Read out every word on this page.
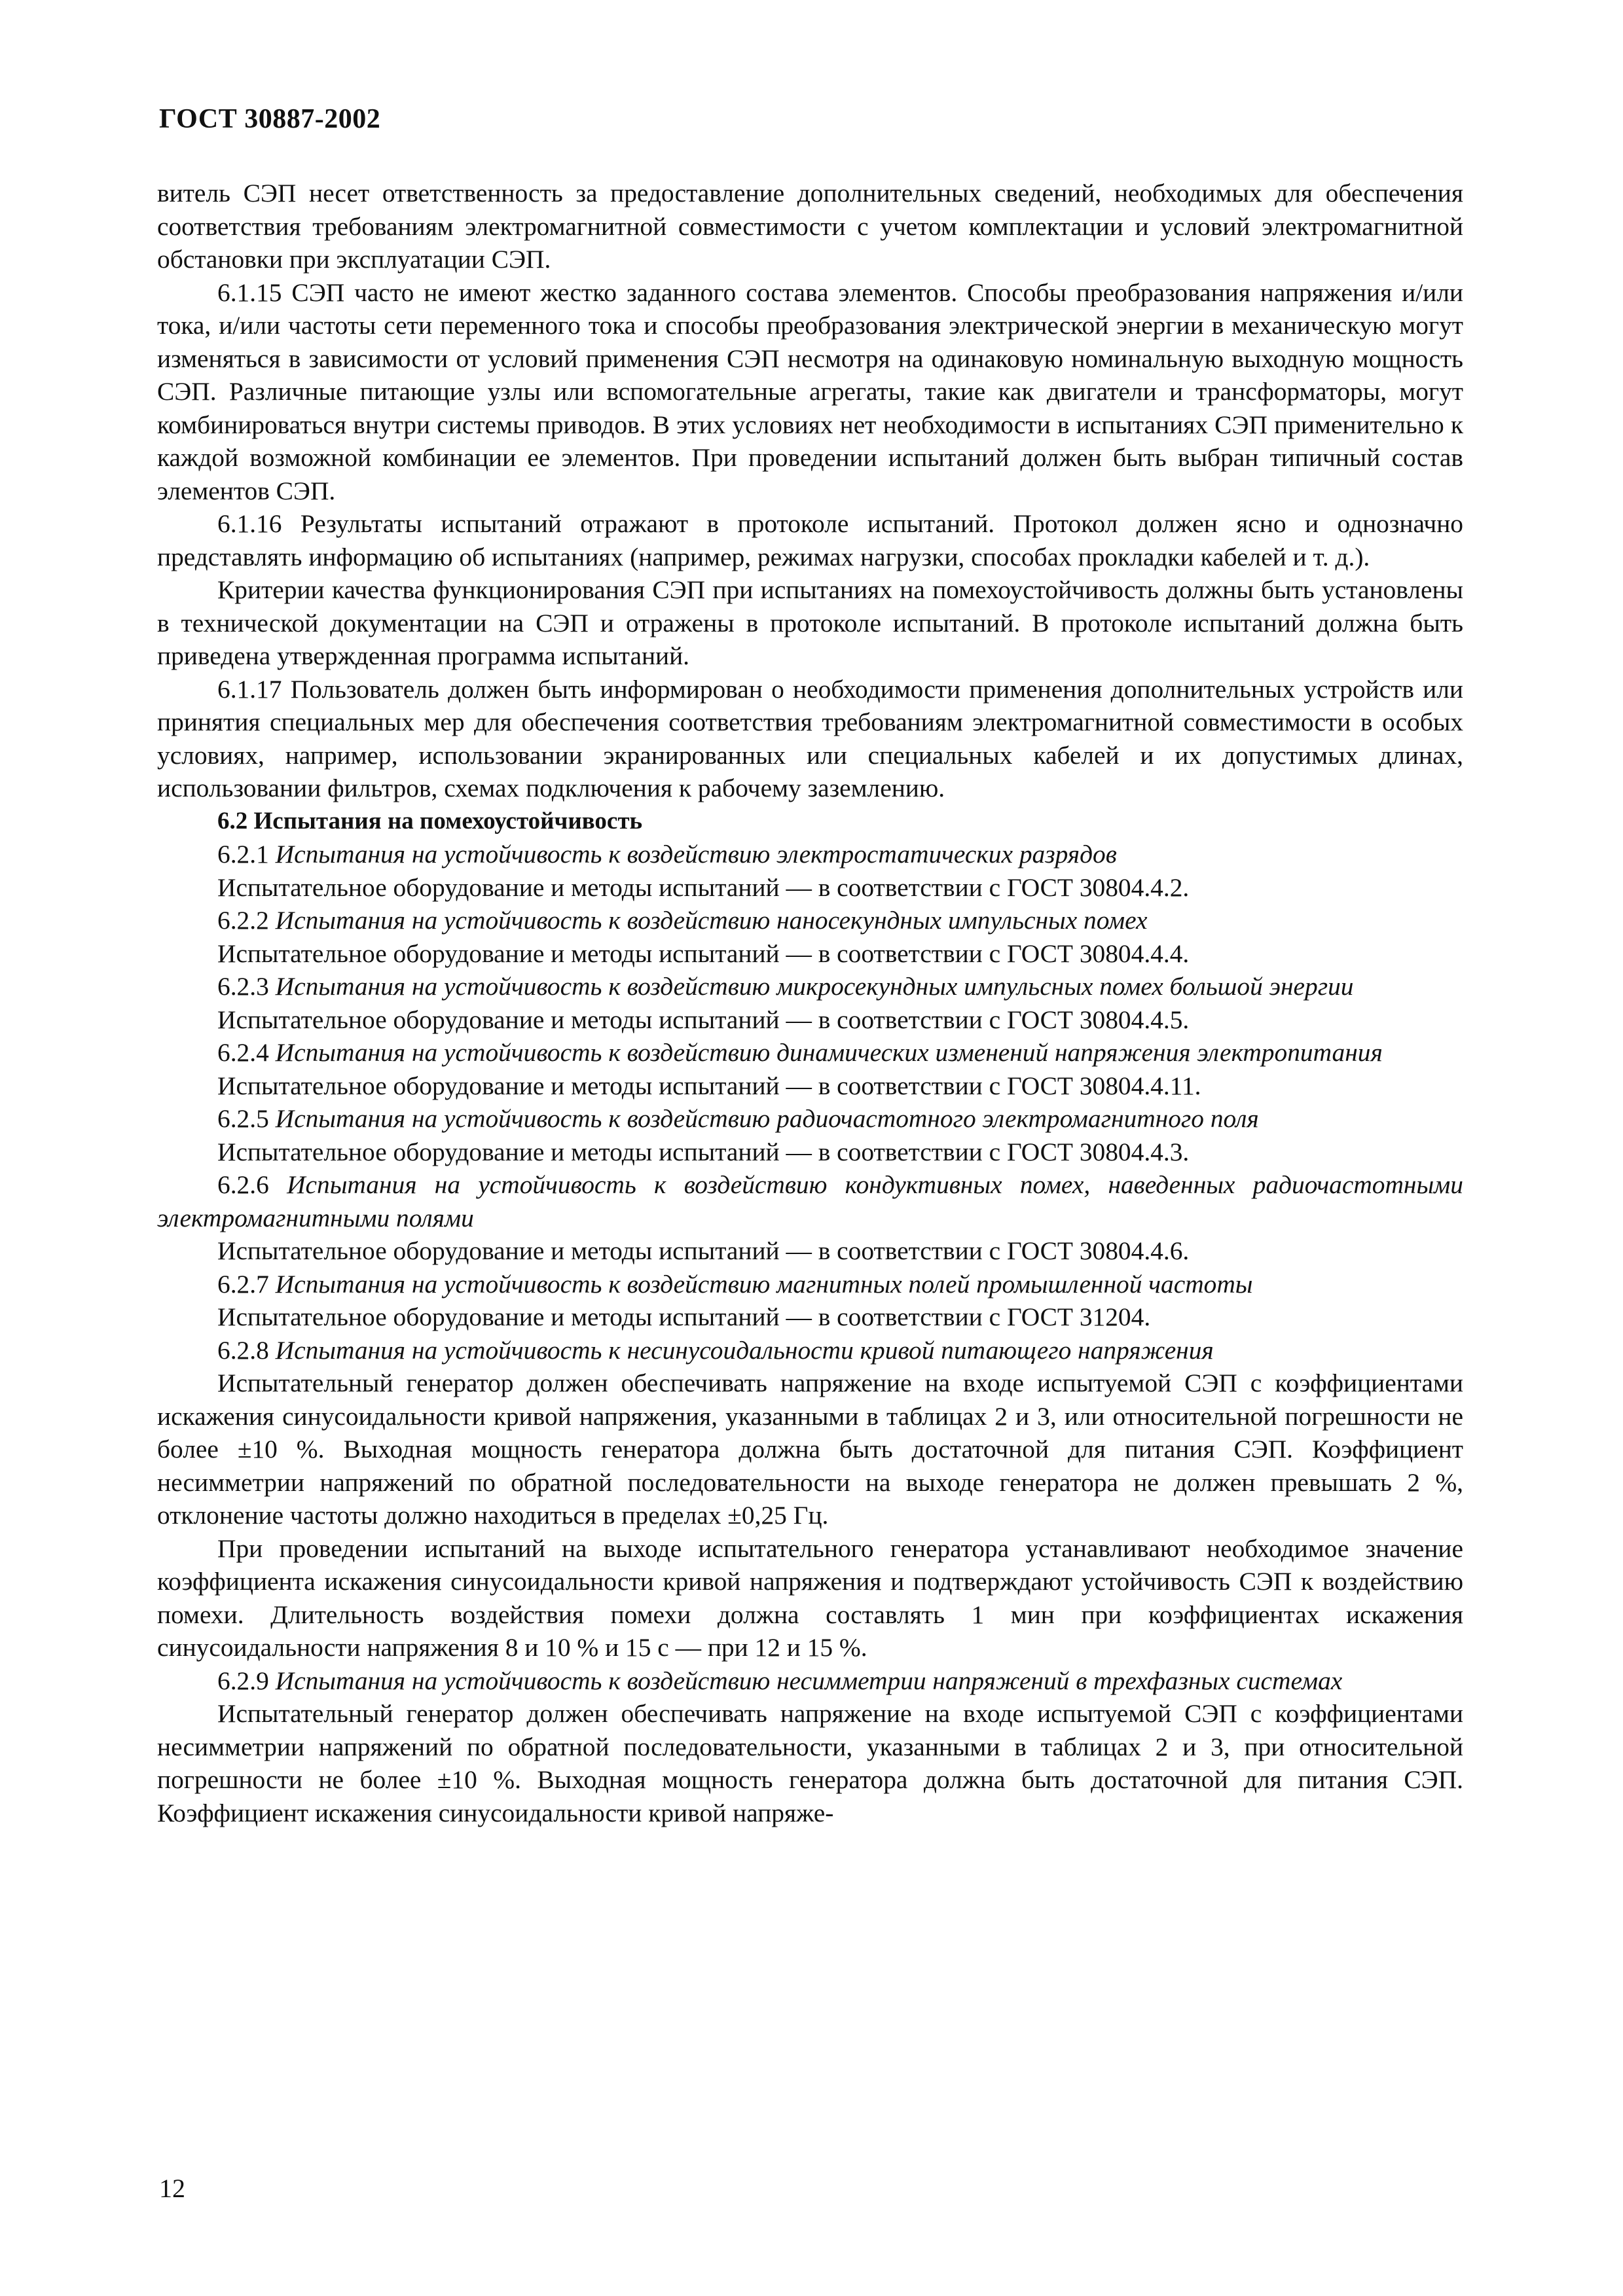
ГОСТ 30887-2002

витель СЭП несет ответственность за предоставление дополнительных сведений, необходимых для обеспечения соответствия требованиям электромагнитной совместимости с учетом комплектации и условий электромагнитной обстановки при эксплуатации СЭП.

6.1.15 СЭП часто не имеют жестко заданного состава элементов. Способы преобразования напряжения и/или тока, и/или частоты сети переменного тока и способы преобразования электрической энергии в механическую могут изменяться в зависимости от условий применения СЭП несмотря на одинаковую номинальную выходную мощность СЭП. Различные питающие узлы или вспомогательные агрегаты, такие как двигатели и трансформаторы, могут комбинироваться внутри системы приводов. В этих условиях нет необходимости в испытаниях СЭП применительно к каждой возможной комбинации ее элементов. При проведении испытаний должен быть выбран типичный состав элементов СЭП.

6.1.16 Результаты испытаний отражают в протоколе испытаний. Протокол должен ясно и однозначно представлять информацию об испытаниях (например, режимах нагрузки, способах прокладки кабелей и т. д.).

Критерии качества функционирования СЭП при испытаниях на помехоустойчивость должны быть установлены в технической документации на СЭП и отражены в протоколе испытаний. В протоколе испытаний должна быть приведена утвержденная программа испытаний.

6.1.17 Пользователь должен быть информирован о необходимости применения дополнительных устройств или принятия специальных мер для обеспечения соответствия требованиям электромагнитной совместимости в особых условиях, например, использовании экранированных или специальных кабелей и их допустимых длинах, использовании фильтров, схемах подключения к рабочему заземлению.

6.2 Испытания на помехоустойчивость

6.2.1 Испытания на устойчивость к воздействию электростатических разрядов

Испытательное оборудование и методы испытаний — в соответствии с ГОСТ 30804.4.2.

6.2.2 Испытания на устойчивость к воздействию наносекундных импульсных помех

Испытательное оборудование и методы испытаний — в соответствии с ГОСТ 30804.4.4.

6.2.3 Испытания на устойчивость к воздействию микросекундных импульсных помех большой энергии

Испытательное оборудование и методы испытаний — в соответствии с ГОСТ 30804.4.5.

6.2.4 Испытания на устойчивость к воздействию динамических изменений напряжения электропитания

Испытательное оборудование и методы испытаний — в соответствии с ГОСТ 30804.4.11.

6.2.5 Испытания на устойчивость к воздействию радиочастотного электромагнитного поля

Испытательное оборудование и методы испытаний — в соответствии с ГОСТ 30804.4.3.

6.2.6 Испытания на устойчивость к воздействию кондуктивных помех, наведенных радиочастотными электромагнитными полями

Испытательное оборудование и методы испытаний — в соответствии с ГОСТ 30804.4.6.

6.2.7 Испытания на устойчивость к воздействию магнитных полей промышленной частоты

Испытательное оборудование и методы испытаний — в соответствии с ГОСТ 31204.

6.2.8 Испытания на устойчивость к несинусоидальности кривой питающего напряжения

Испытательный генератор должен обеспечивать напряжение на входе испытуемой СЭП с коэффициентами искажения синусоидальности кривой напряжения, указанными в таблицах 2 и 3, или относительной погрешности не более ±10 %. Выходная мощность генератора должна быть достаточной для питания СЭП. Коэффициент несимметрии напряжений по обратной последовательности на выходе генератора не должен превышать 2 %, отклонение частоты должно находиться в пределах ±0,25 Гц.

При проведении испытаний на выходе испытательного генератора устанавливают необходимое значение коэффициента искажения синусоидальности кривой напряжения и подтверждают устойчивость СЭП к воздействию помехи. Длительность воздействия помехи должна составлять 1 мин при коэффициентах искажения синусоидальности напряжения 8 и 10 % и 15 с — при 12 и 15 %.

6.2.9 Испытания на устойчивость к воздействию несимметрии напряжений в трехфазных системах

Испытательный генератор должен обеспечивать напряжение на входе испытуемой СЭП с коэффициентами несимметрии напряжений по обратной последовательности, указанными в таблицах 2 и 3, при относительной погрешности не более ±10 %. Выходная мощность генератора должна быть достаточной для питания СЭП. Коэффициент искажения синусоидальности кривой напряже-

12
